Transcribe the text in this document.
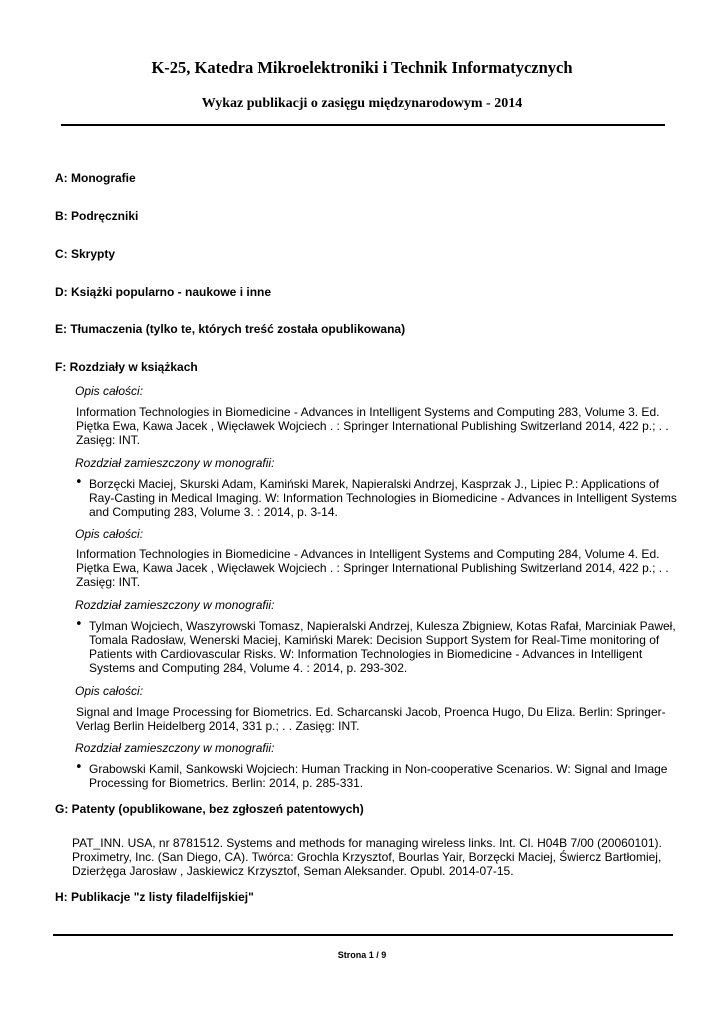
K-25, Katedra Mikroelektroniki i Technik Informatycznych
Wykaz publikacji o zasięgu międzynarodowym - 2014
A: Monografie
B: Podręczniki
C: Skrypty
D: Książki popularno - naukowe i inne
E: Tłumaczenia (tylko te, których treść została opublikowana)
F: Rozdziały w książkach
Opis całości:
Information Technologies in Biomedicine - Advances in Intelligent Systems and Computing 283, Volume 3. Ed. Piętka Ewa, Kawa Jacek , Więcławek Wojciech . : Springer International Publishing Switzerland 2014, 422 p.; . . Zasięg: INT.
Rozdział zamieszczony w monografii:
• Borzęcki Maciej, Skurski Adam, Kamiński Marek, Napieralski Andrzej, Kasprzak J., Lipiec P.: Applications of Ray-Casting in Medical Imaging. W: Information Technologies in Biomedicine - Advances in Intelligent Systems and Computing 283, Volume 3. : 2014, p. 3-14.
Opis całości:
Information Technologies in Biomedicine - Advances in Intelligent Systems and Computing 284, Volume 4. Ed. Piętka Ewa, Kawa Jacek , Więcławek Wojciech . : Springer International Publishing Switzerland 2014, 422 p.; . . Zasięg: INT.
Rozdział zamieszczony w monografii:
• Tylman Wojciech, Waszyrowski Tomasz, Napieralski Andrzej, Kulesza Zbigniew, Kotas Rafał, Marciniak Paweł, Tomala Radosław, Wenerski Maciej, Kamiński Marek: Decision Support System for Real-Time monitoring of Patients with Cardiovascular Risks. W: Information Technologies in Biomedicine - Advances in Intelligent Systems and Computing 284, Volume 4. : 2014, p. 293-302.
Opis całości:
Signal and Image Processing for Biometrics. Ed. Scharcanski Jacob, Proenca Hugo, Du Eliza. Berlin: Springer-Verlag Berlin Heidelberg 2014, 331 p.; . . Zasięg: INT.
Rozdział zamieszczony w monografii:
• Grabowski Kamil, Sankowski Wojciech: Human Tracking in Non-cooperative Scenarios. W: Signal and Image Processing for Biometrics. Berlin: 2014, p. 285-331.
G: Patenty (opublikowane, bez zgłoszeń patentowych)
PAT_INN. USA, nr 8781512. Systems and methods for managing wireless links. Int. Cl. H04B 7/00 (20060101). Proximetry, Inc. (San Diego, CA). Twórca: Grochla Krzysztof, Bourlas Yair, Borzęcki Maciej, Świercz Bartłomiej, Dzierżęga Jarosław , Jaskiewicz Krzysztof, Seman Aleksander. Opubl. 2014-07-15.
H: Publikacje "z listy filadelfijskiej"
Strona 1 / 9
